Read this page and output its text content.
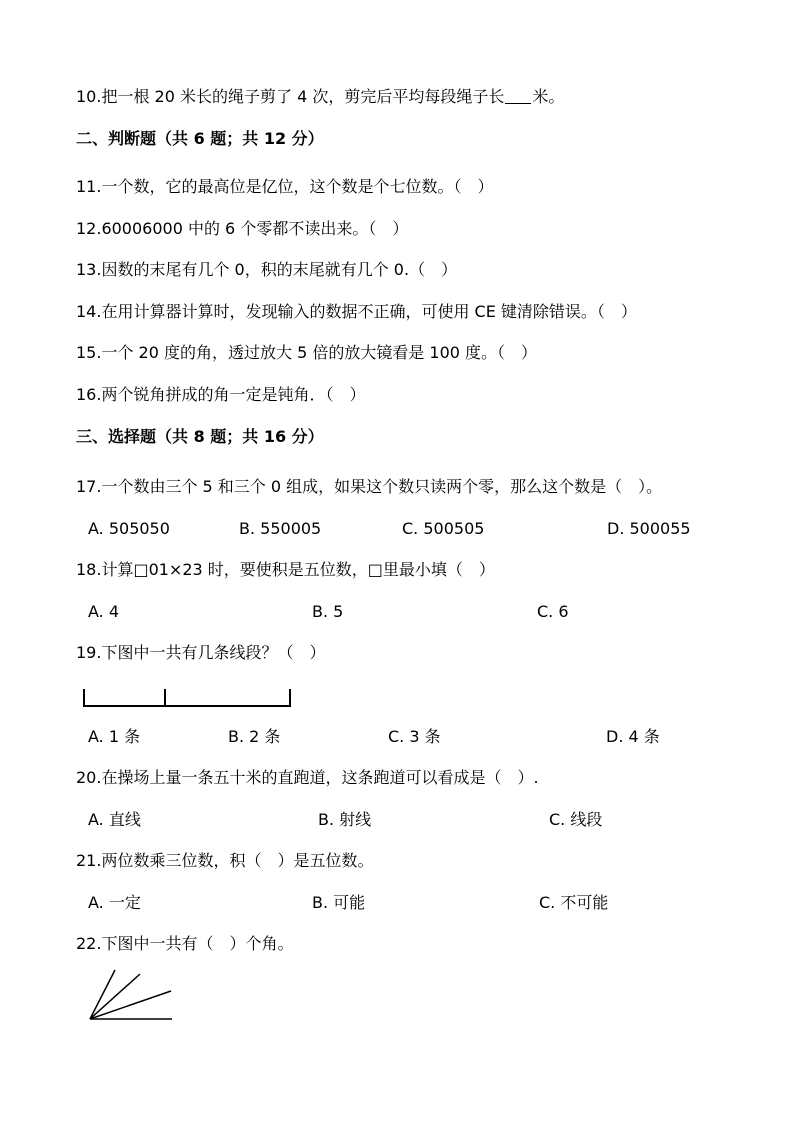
10.把一根 20 米长的绳子剪了 4 次，剪完后平均每段绳子长 米。
二、判断题（共 6 题；共 12 分）
11.一个数，它的最高位是亿位，这个数是个七位数。（　）
12.60006000 中的 6 个零都不读出来。（　）
13.因数的末尾有几个 0，积的末尾就有几个 0.（　）
14.在用计算器计算时，发现输入的数据不正确，可使用 CE 键清除错误。（　）
15.一个 20 度的角，透过放大 5 倍的放大镜看是 100 度。（　）
16.两个锐角拼成的角一定是钝角．（　）
三、选择题（共 8 题；共 16 分）
17.一个数由三个 5 和三个 0 组成，如果这个数只读两个零，那么这个数是（　）。
A. 505050	B. 550005	C. 500505	D. 500055
18.计算□01×23 时，要使积是五位数，□里最小填（　）
A. 4	B. 5	C. 6
19.下图中一共有几条线段？（　）
A. 1 条	B. 2 条	C. 3 条	D. 4 条
20.在操场上量一条五十米的直跑道，这条跑道可以看成是（　）.
A. 直线	B. 射线	C. 线段
21.两位数乘三位数，积（　）是五位数。
A. 一定	B. 可能	C. 不可能
22.下图中一共有（　）个角。
